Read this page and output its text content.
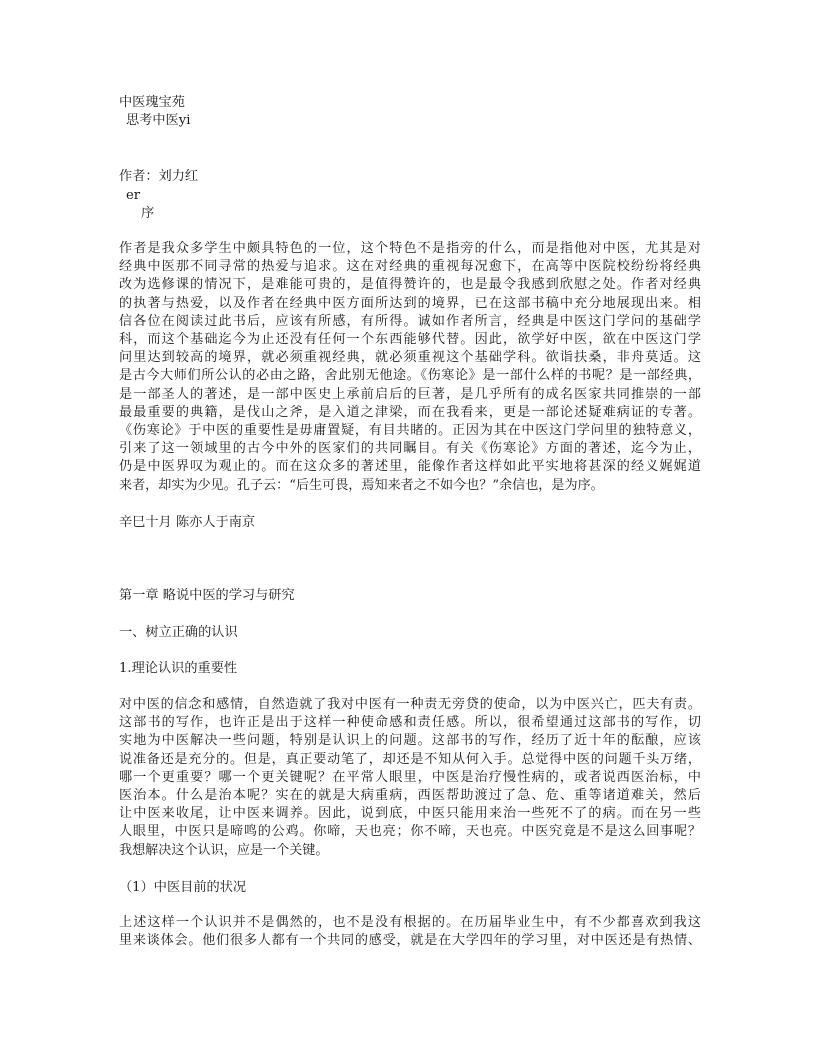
中医瑰宝苑
思考中医yi
作者：刘力红
er
序
作者是我众多学生中颇具特色的一位，这个特色不是指旁的什么，而是指他对中医，尤其是对
经典中医那不同寻常的热爱与追求。这在对经典的重视每况愈下，在高等中医院校纷纷将经典
改为选修课的情况下，是难能可贵的，是值得赞许的，也是最令我感到欣慰之处。作者对经典
的执著与热爱，以及作者在经典中医方面所达到的境界，已在这部书稿中充分地展现出来。相
信各位在阅读过此书后，应该有所感，有所得。诚如作者所言，经典是中医这门学问的基础学
科，而这个基础迄今为止还没有任何一个东西能够代替。因此，欲学好中医，欲在中医这门学
问里达到较高的境界，就必须重视经典，就必须重视这个基础学科。欲诣扶桑，非舟莫适。这
是古今大师们所公认的必由之路，舍此别无他途。《伤寒论》是一部什么样的书呢？是一部经典，
是一部圣人的著述，是一部中医史上承前启后的巨著，是几乎所有的成名医家共同推崇的一部
最最重要的典籍，是伐山之斧，是入道之津梁，而在我看来，更是一部论述疑难病证的专著。
《伤寒论》于中医的重要性是毋庸置疑，有目共睹的。正因为其在中医这门学问里的独特意义，
引来了这一领域里的古今中外的医家们的共同瞩目。有关《伤寒论》方面的著述，迄今为止，
仍是中医界叹为观止的。而在这众多的著述里，能像作者这样如此平实地将甚深的经义娓娓道
来者，却实为少见。孔子云：“后生可畏，焉知来者之不如今也？”余信也，是为序。
辛巳十月 陈亦人于南京
第一章 略说中医的学习与研究
一、树立正确的认识
1.理论认识的重要性
对中医的信念和感情，自然造就了我对中医有一种责无旁贷的使命，以为中医兴亡，匹夫有责。
这部书的写作，也许正是出于这样一种使命感和责任感。所以，很希望通过这部书的写作，切
实地为中医解决一些问题，特别是认识上的问题。这部书的写作，经历了近十年的酝酿，应该
说准备还是充分的。但是，真正要动笔了，却还是不知从何入手。总觉得中医的问题千头万绪，
哪一个更重要？哪一个更关键呢？在平常人眼里，中医是治疗慢性病的，或者说西医治标，中
医治本。什么是治本呢？实在的就是大病重病，西医帮助渡过了急、危、重等诸道难关，然后
让中医来收尾，让中医来调养。因此，说到底，中医只能用来治一些死不了的病。而在另一些
人眼里，中医只是啼鸣的公鸡。你啼，天也亮；你不啼，天也亮。中医究竟是不是这么回事呢？
我想解决这个认识，应是一个关键。
（1）中医目前的状况
上述这样一个认识并不是偶然的，也不是没有根据的。在历届毕业生中，有不少都喜欢到我这
里来谈体会。他们很多人都有一个共同的感受，就是在大学四年的学习里，对中医还是有热情、
